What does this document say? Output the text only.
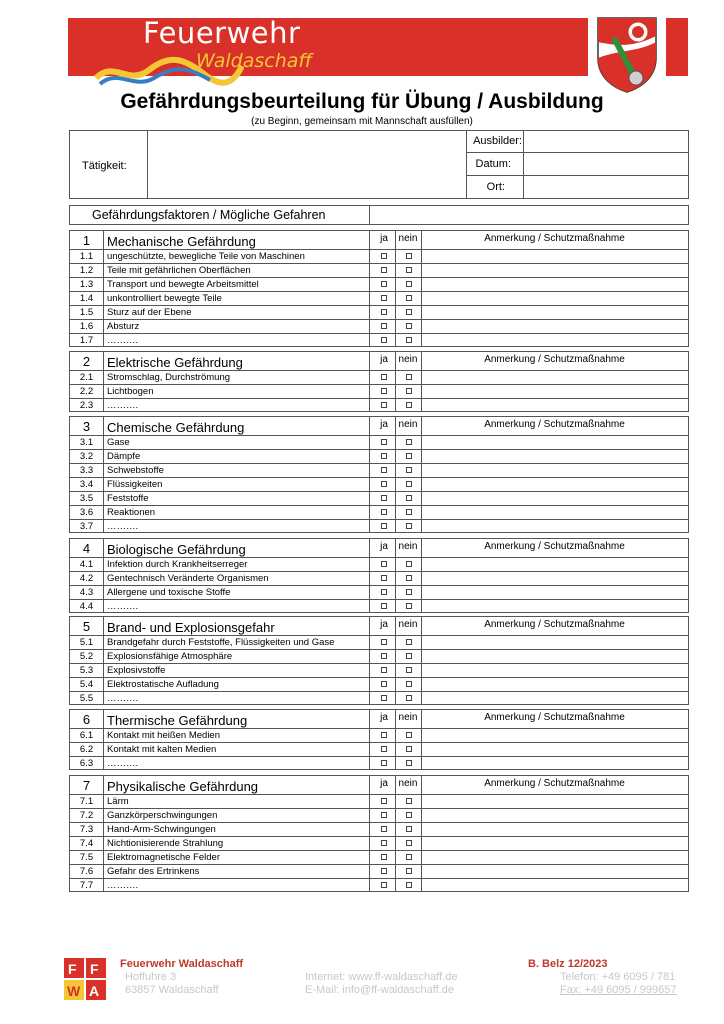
Feuerwehr
Waldaschaff
Gefährdungsbeurteilung für Übung / Ausbildung
(zu Beginn, gemeinsam mit Mannschaft ausfüllen)
Tätigkeit:
Ausbilder:
Datum:
Ort:
Gefährdungsfaktoren / Mögliche Gefahren
1	Mechanische Gefährdung	ja	nein	Anmerkung / Schutzmaßnahme
1.1	ungeschützte, bewegliche Teile von Maschinen
1.2	Teile mit gefährlichen Oberflächen
1.3	Transport und bewegte Arbeitsmittel
1.4	unkontrolliert bewegte Teile
1.5	Sturz auf der Ebene
1.6	Absturz
1.7	……….
2	Elektrische Gefährdung	ja	nein	Anmerkung / Schutzmaßnahme
2.1	Stromschlag, Durchströmung
2.2	Lichtbogen
2.3	……….
3	Chemische Gefährdung	ja	nein	Anmerkung / Schutzmaßnahme
3.1	Gase
3.2	Dämpfe
3.3	Schwebstoffe
3.4	Flüssigkeiten
3.5	Feststoffe
3.6	Reaktionen
3.7	……….
4	Biologische Gefährdung	ja	nein	Anmerkung / Schutzmaßnahme
4.1	Infektion durch Krankheitserreger
4.2	Gentechnisch Veränderte Organismen
4.3	Allergene und toxische Stoffe
4.4	……….
5	Brand- und Explosionsgefahr	ja	nein	Anmerkung / Schutzmaßnahme
5.1	Brandgefahr durch Feststoffe, Flüssigkeiten und Gase
5.2	Explosionsfähige Atmosphäre
5.3	Explosivstoffe
5.4	Elektrostatische Aufladung
5.5	……….
6	Thermische Gefährdung	ja	nein	Anmerkung / Schutzmaßnahme
6.1	Kontakt mit heißen Medien
6.2	Kontakt mit kalten Medien
6.3	……….
7	Physikalische Gefährdung	ja	nein	Anmerkung / Schutzmaßnahme
7.1	Lärm
7.2	Ganzkörperschwingungen
7.3	Hand-Arm-Schwingungen
7.4	Nichtionisierende Strahlung
7.5	Elektromagnetische Felder
7.6	Gefahr des Ertrinkens
7.7	……….
F F
W A
Feuerwehr Waldaschaff
Hoffuhre 3
63857 Waldaschaff
Internet: www.ff-waldaschaff.de
E-Mail: info@ff-waldaschaff.de
B. Belz 12/2023
Telefon: +49 6095 / 781
Fax: +49 6095 / 999657
